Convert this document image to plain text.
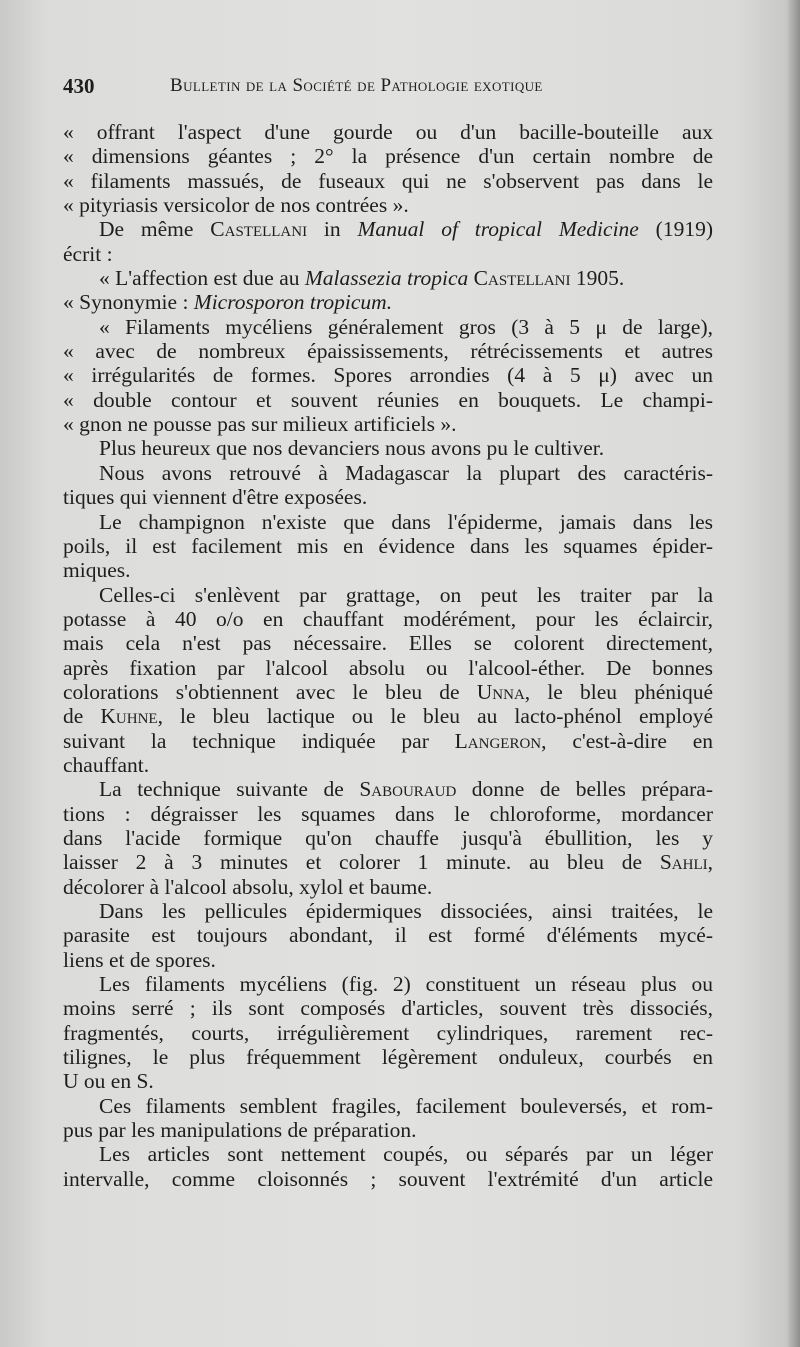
430	Bulletin de la Société de Pathologie exotique
« offrant l'aspect d'une gourde ou d'un bacille-bouteille aux
« dimensions géantes ; 2° la présence d'un certain nombre de
« filaments massués, de fuseaux qui ne s'observent pas dans le
« pityriasis versicolor de nos contrées ».
De même Castellani in Manual of tropical Medicine (1919)
écrit :
« L'affection est due au Malassezia tropica Castellani 1905.
« Synonymie : Microsporon tropicum.
« Filaments mycéliens généralement gros (3 à 5 μ de large),
« avec de nombreux épaississements, rétrécissements et autres
« irrégularités de formes. Spores arrondies (4 à 5 μ) avec un
« double contour et souvent réunies en bouquets. Le champi-
« gnon ne pousse pas sur milieux artificiels ».
Plus heureux que nos devanciers nous avons pu le cultiver.
Nous avons retrouvé à Madagascar la plupart des caractéris-
tiques qui viennent d'être exposées.
Le champignon n'existe que dans l'épiderme, jamais dans les
poils, il est facilement mis en évidence dans les squames épider-
miques.
Celles-ci s'enlèvent par grattage, on peut les traiter par la
potasse à 40 o/o en chauffant modérément, pour les éclaircir,
mais cela n'est pas nécessaire. Elles se colorent directement,
après fixation par l'alcool absolu ou l'alcool-éther. De bonnes
colorations s'obtiennent avec le bleu de Unna, le bleu phéniqué
de Kuhne, le bleu lactique ou le bleu au lacto-phénol employé
suivant la technique indiquée par Langeron, c'est-à-dire en
chauffant.
La technique suivante de Sabouraud donne de belles prépara-
tions : dégraisser les squames dans le chloroforme, mordancer
dans l'acide formique qu'on chauffe jusqu'à ébullition, les y
laisser 2 à 3 minutes et colorer 1 minute. au bleu de Sahli,
décolorer à l'alcool absolu, xylol et baume.
Dans les pellicules épidermiques dissociées, ainsi traitées, le
parasite est toujours abondant, il est formé d'éléments mycé-
liens et de spores.
Les filaments mycéliens (fig. 2) constituent un réseau plus ou
moins serré ; ils sont composés d'articles, souvent très dissociés,
fragmentés, courts, irrégulièrement cylindriques, rarement rec-
tilignes, le plus fréquemment légèrement onduleux, courbés en
U ou en S.
Ces filaments semblent fragiles, facilement bouleversés, et rom-
pus par les manipulations de préparation.
Les articles sont nettement coupés, ou séparés par un léger
intervalle, comme cloisonnés ; souvent l'extrémité d'un article
